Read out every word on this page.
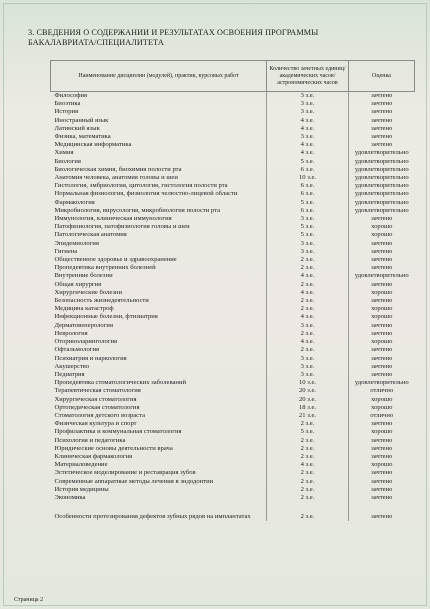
3. СВЕДЕНИЯ О СОДЕРЖАНИИ И РЕЗУЛЬТАТАХ ОСВОЕНИЯ ПРОГРАММЫ БАКАЛАВРИАТА/СПЕЦИАЛИТЕТА
Наименование дисциплин (модулей), практик, курсовых работ	Количество зачетных единиц/ академических часов/ астрономических часов	Оценка
Философия	3 з.е.	зачтено
Биоэтика	3 з.е.	зачтено
История	3 з.е.	зачтено
Иностранный язык	4 з.е.	зачтено
Латинский язык	4 з.е.	зачтено
Физика, математика	3 з.е.	зачтено
Медицинская информатика	4 з.е.	зачтено
Химия	4 з.е.	удовлетворительно
Биология	5 з.е.	удовлетворительно
Биологическая химия, биохимия полости рта	6 з.е.	удовлетворительно
Анатомия человека, анатомия головы и шеи	10 з.е.	удовлетворительно
Гистология, эмбриология, цитология, гистология полости рта	6 з.е.	удовлетворительно
Нормальная физиология, физиология челюстно-лицевой области	6 з.е.	удовлетворительно
Фармакология	5 з.е.	удовлетворительно
Микробиология, вирусология, микробиология полости рта	6 з.е.	удовлетворительно
Иммунология, клиническая иммунология	3 з.е.	зачтено
Патофизиология, патофизиология головы и шеи	5 з.е.	хорошо
Патологическая анатомия	5 з.е.	хорошо
Эпидемиология	3 з.е.	зачтено
Гигиена	3 з.е.	зачтено
Общественное здоровье и здравоохранение	2 з.е.	зачтено
Пропедевтика внутренних болезней	2 з.е.	зачтено
Внутренние болезни	4 з.е.	удовлетворительно
Общая хирургия	2 з.е.	зачтено
Хирургические болезни	4 з.е.	хорошо
Безопасность жизнедеятельности	2 з.е.	зачтено
Медицина катастроф	2 з.е.	хорошо
Инфекционные болезни, фтизиатрия	4 з.е.	хорошо
Дерматовенерология	3 з.е.	зачтено
Неврология	2 з.е.	зачтено
Оториноларингология	4 з.е.	хорошо
Офтальмология	2 з.е.	зачтено
Психиатрия и наркология	3 з.е.	зачтено
Акушерство	3 з.е.	зачтено
Педиатрия	3 з.е.	зачтено
Пропедевтика стоматологических заболеваний	10 з.е.	удовлетворительно
Терапевтическая стоматология	20 з.е.	отлично
Хирургическая стоматология	20 з.е.	хорошо
Ортопедическая стоматология	18 з.е.	хорошо
Стоматология детского возраста	21 з.е.	отлично
Физическая культура и спорт	2 з.е.	зачтено
Профилактика и коммунальная стоматология	5 з.е.	хорошо
Психология и педагогика	2 з.е.	зачтено
Юридические основы деятельности врача	2 з.е.	зачтено
Клиническая фармакология	2 з.е.	зачтено
Материаловедение	4 з.е.	хорошо
Эстетическое моделирование и реставрация зубов	2 з.е.	зачтено
Современные аппаратные методы лечения в эндодонтии	2 з.е.	зачтено
История медицины	2 з.е.	зачтено
Экономика	2 з.е.	зачтено
Особенности протезирования дефектов зубных рядов на имплантатах	2 з.е.	зачтено
Страница 2
